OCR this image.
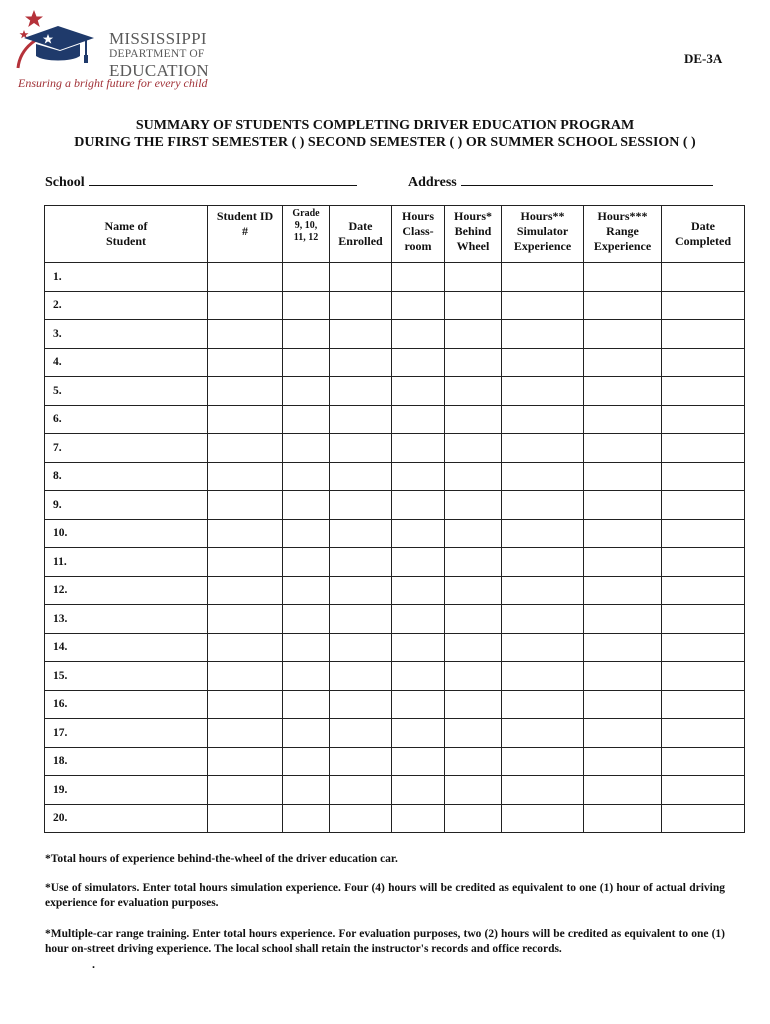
MISSISSIPPI
DEPARTMENT OF
EDUCATION
Ensuring a bright future for every child
DE-3A
SUMMARY OF STUDENTS COMPLETING DRIVER EDUCATION PROGRAM
DURING THE FIRST SEMESTER ( ) SECOND SEMESTER ( ) OR SUMMER SCHOOL SESSION ( )
School	Address
Name of
Student	Student ID
#	Grade
9, 10,
11, 12	Date
Enrolled	Hours
Class-
room	Hours*
Behind
Wheel	Hours**
Simulator
Experience	Hours***
Range
Experience	Date
Completed
1.								
2.								
3.								
4.								
5.								
6.								
7.								
8.								
9.								
10.								
11.								
12.								
13.								
14.								
15.								
16.								
17.								
18.								
19.								
20.								
*Total hours of experience behind-the-wheel of the driver education car.
*Use of simulators. Enter total hours simulation experience. Four (4) hours will be credited as equivalent to one (1) hour of actual driving experience for evaluation purposes.
*Multiple-car range training. Enter total hours experience. For evaluation purposes, two (2) hours will be credited as equivalent to one (1) hour on-street driving experience. The local school shall retain the instructor's records and office records.
.
